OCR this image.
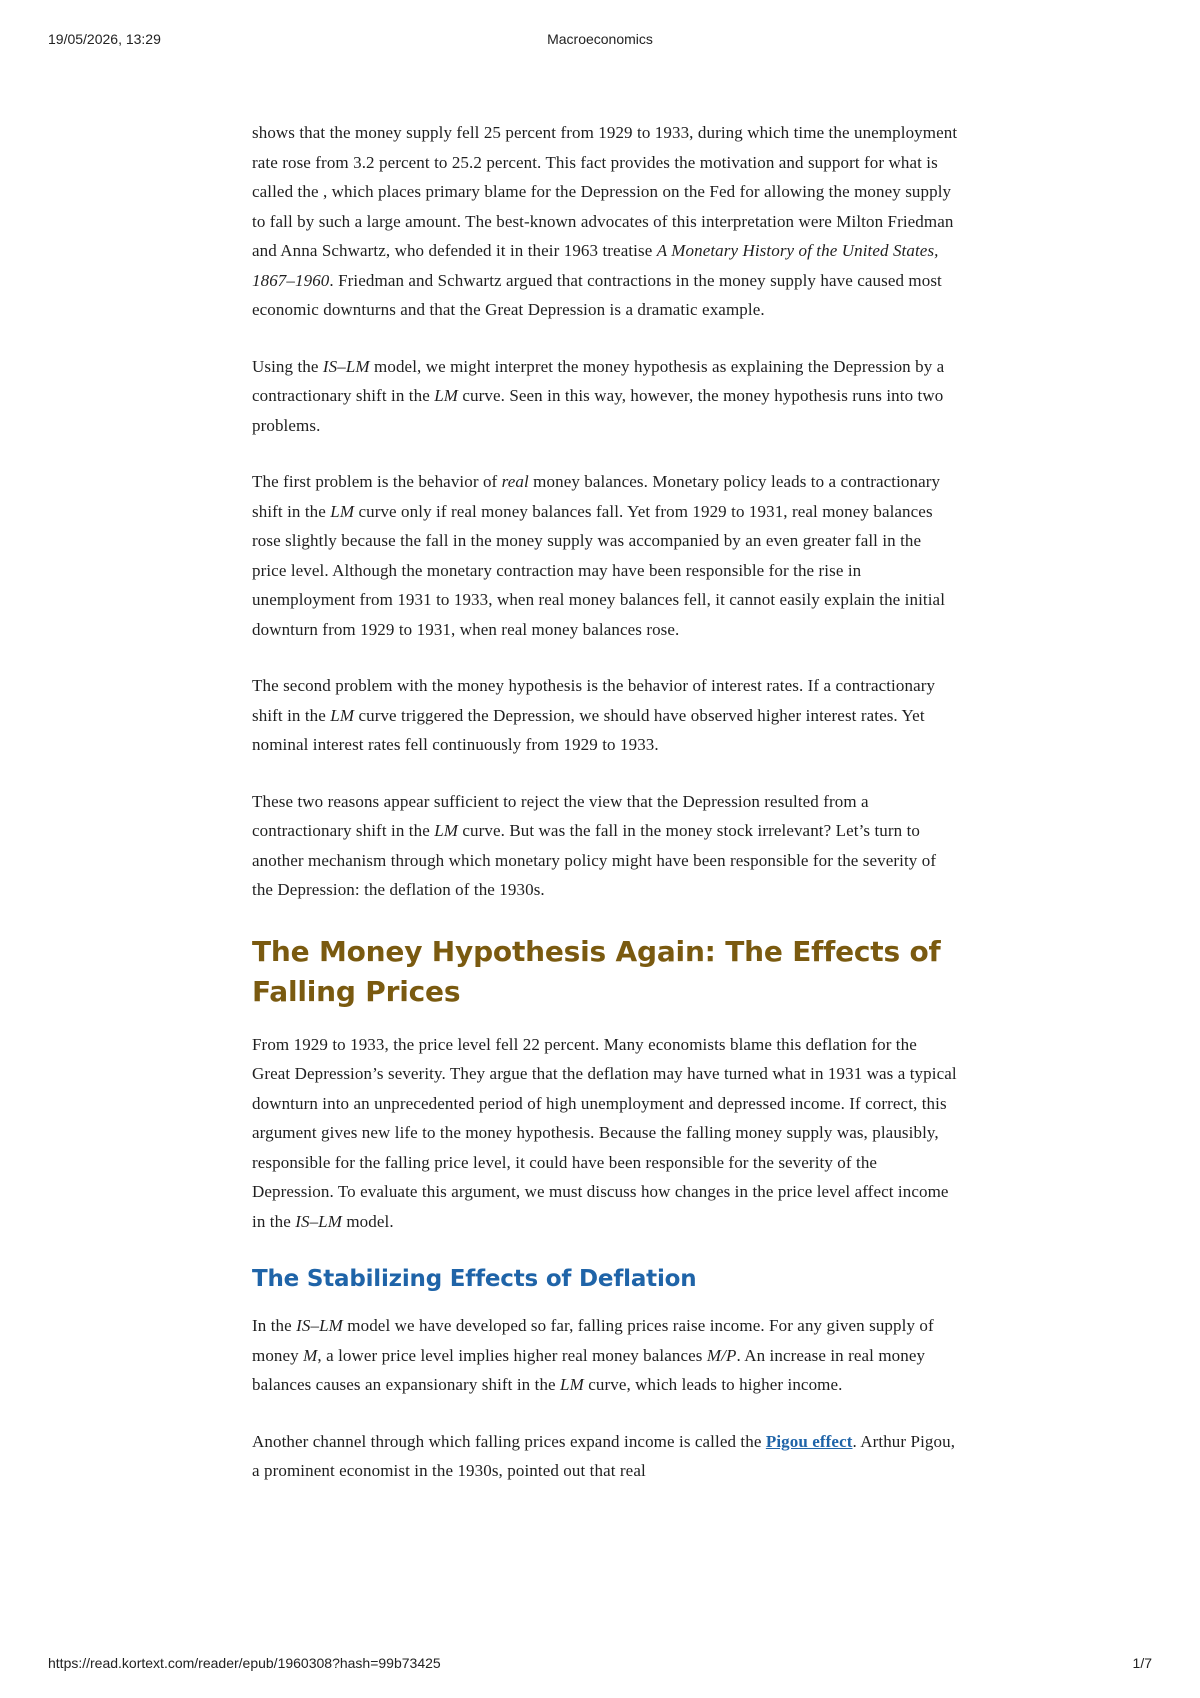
19/05/2026, 13:29	Macroeconomics

shows that the money supply fell 25 percent from 1929 to 1933, during which time the unemployment rate rose from 3.2 percent to 25.2 percent. This fact provides the motivation and support for what is called the , which places primary blame for the Depression on the Fed for allowing the money supply to fall by such a large amount. The best-known advocates of this interpretation were Milton Friedman and Anna Schwartz, who defended it in their 1963 treatise A Monetary History of the United States, 1867–1960. Friedman and Schwartz argued that contractions in the money supply have caused most economic downturns and that the Great Depression is a dramatic example.

Using the IS–LM model, we might interpret the money hypothesis as explaining the Depression by a contractionary shift in the LM curve. Seen in this way, however, the money hypothesis runs into two problems.

The first problem is the behavior of real money balances. Monetary policy leads to a contractionary shift in the LM curve only if real money balances fall. Yet from 1929 to 1931, real money balances rose slightly because the fall in the money supply was accompanied by an even greater fall in the price level. Although the monetary contraction may have been responsible for the rise in unemployment from 1931 to 1933, when real money balances fell, it cannot easily explain the initial downturn from 1929 to 1931, when real money balances rose.

The second problem with the money hypothesis is the behavior of interest rates. If a contractionary shift in the LM curve triggered the Depression, we should have observed higher interest rates. Yet nominal interest rates fell continuously from 1929 to 1933.

These two reasons appear sufficient to reject the view that the Depression resulted from a contractionary shift in the LM curve. But was the fall in the money stock irrelevant? Let’s turn to another mechanism through which monetary policy might have been responsible for the severity of the Depression: the deflation of the 1930s.

The Money Hypothesis Again: The Effects of Falling Prices

From 1929 to 1933, the price level fell 22 percent. Many economists blame this deflation for the Great Depression’s severity. They argue that the deflation may have turned what in 1931 was a typical downturn into an unprecedented period of high unemployment and depressed income. If correct, this argument gives new life to the money hypothesis. Because the falling money supply was, plausibly, responsible for the falling price level, it could have been responsible for the severity of the Depression. To evaluate this argument, we must discuss how changes in the price level affect income in the IS–LM model.

The Stabilizing Effects of Deflation

In the IS–LM model we have developed so far, falling prices raise income. For any given supply of money M, a lower price level implies higher real money balances M/P. An increase in real money balances causes an expansionary shift in the LM curve, which leads to higher income.

Another channel through which falling prices expand income is called the Pigou effect. Arthur Pigou, a prominent economist in the 1930s, pointed out that real

https://read.kortext.com/reader/epub/1960308?hash=99b73425	1/7
